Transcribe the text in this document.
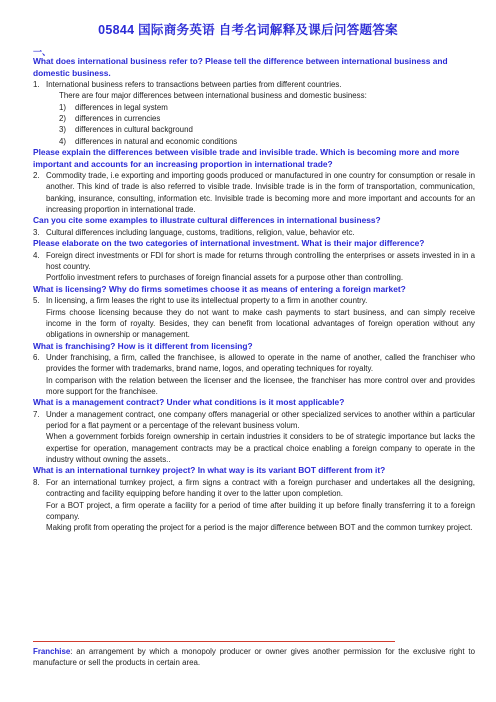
05844 国际商务英语 自考名词解释及课后问答题答案
一、
What does international business refer to? Please tell the difference between international business and domestic business.
1. International business refers to transactions between parties from different countries.
There are four major differences between international business and domestic business:
1)	differences in legal system
2)	differences in currencies
3)	differences in cultural background
4)	differences in natural and economic conditions
Please explain the differences between visible trade and invisible trade. Which is becoming more and more important and accounts for an increasing proportion in international trade?
2. Commodity trade, i.e exporting and importing goods produced or manufactured in one country for consumption or resale in another. This kind of trade is also referred to visible trade. Invisible trade is in the form of transportation, communication, banking, insurance, consulting, information etc. Invisible trade is becoming more and more important and accounts for an increasing proportion in international trade.
Can you cite some examples to illustrate cultural differences in international business?
3. Cultural differences including language, customs, traditions, religion, value, behavior etc.
Please elaborate on the two categories of international investment. What is their major difference?
4. Foreign direct investments or FDI for short is made for returns through controlling the enterprises or assets invested in in a host country.
Portfolio investment refers to purchases of foreign financial assets for a purpose other than controlling.
What is licensing? Why do firms sometimes choose it as means of entering a foreign market?
5. In licensing, a firm leases the right to use its intellectual property to a firm in another country.
Firms choose licensing because they do not want to make cash payments to start business, and can simply receive income in the form of royalty. Besides, they can benefit from locational advantages of foreign operation without any obligations in ownership or management.
What is franchising? How is it different from licensing?
6. Under franchising, a firm, called the franchisee, is allowed to operate in the name of another, called the franchiser who provides the former with trademarks, brand name, logos, and operating techniques for royalty.
In comparison with the relation between the licenser and the licensee, the franchiser has more control over and provides more support for the franchisee.
What is a management contract? Under what conditions is it most applicable?
7. Under a management contract, one company offers managerial or other specialized services to another within a particular period for a flat payment or a percentage of the relevant business volum.
When a government forbids foreign ownership in certain industries it considers to be of strategic importance but lacks the expertise for operation, management contracts may be a practical choice enabling a foreign company to operate in the industry without owning the assets..
What is an international turnkey project? In what way is its variant BOT different from it?
8. For an international turnkey project, a firm signs a contract with a foreign purchaser and undertakes all the designing, contracting and facility equipping before handing it over to the latter upon completion.
For a BOT project, a firm operate a facility for a period of time after building it up before finally transferring it to a foreign company.
Making profit from operating the project for a period is the major difference between BOT and the common turnkey project.
Franchise: an arrangement by which a monopoly producer or owner gives another permission for the exclusive right to manufacture or sell the products in certain area.
